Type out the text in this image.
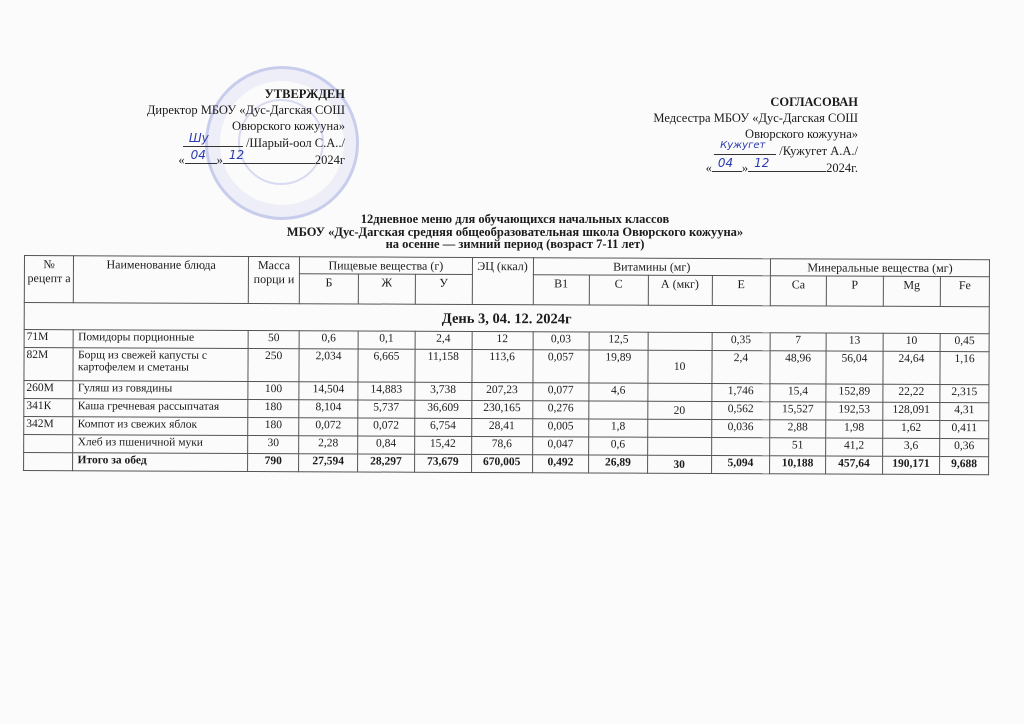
УТВЕРЖДЕН
Директор МБОУ «Дус-Дагская СОШ
Овюрского кожууна»
Шу	/Шарый-оол С.А../
« 04 » 12	2024г
СОГЛАСОВАН
Медсестра МБОУ «Дус-Дагская СОШ
Овюрского кожууна»
Кужугет /Кужугет А.А./
« 04 » 12	2024г.
12дневное меню для обучающихся начальных классов
МБОУ «Дус-Дагская средняя общеобразовательная школа Овюрского кожууна»
на осенне — зимний период (возраст 7-11 лет)
№ рецепт а	Наименование блюда	Масса порци и	Пищевые вещества (г)			ЭЦ (ккал)	Витамины (мг)				Минеральные вещества (мг)			
			Б	Ж	У		B1	C	А (мкг)	E	Ca	P	Mg	Fe
День 3, 04. 12. 2024г														
71М	Помидоры порционные	50	0,6	0,1	2,4	12	0,03	12,5		0,35	7	13	10	0,45
82М	Борщ из свежей капусты с картофелем и сметаны	250	2,034	6,665	11,158	113,6	0,057	19,89	10	2,4	48,96	56,04	24,64	1,16
260М	Гуляш из говядины	100	14,504	14,883	3,738	207,23	0,077	4,6		1,746	15,4	152,89	22,22	2,315
341К	Каша гречневая рассыпчатая	180	8,104	5,737	36,609	230,165	0,276		20	0,562	15,527	192,53	128,091	4,31
342М	Компот из свежих яблок	180	0,072	0,072	6,754	28,41	0,005	1,8		0,036	2,88	1,98	1,62	0,411
	Хлеб из пшеничной муки	30	2,28	0,84	15,42	78,6	0,047	0,6			51	41,2	3,6	0,36
	Итого за обед	790	27,594	28,297	73,679	670,005	0,492	26,89	30	5,094	10,188	457,64	190,171	9,688
